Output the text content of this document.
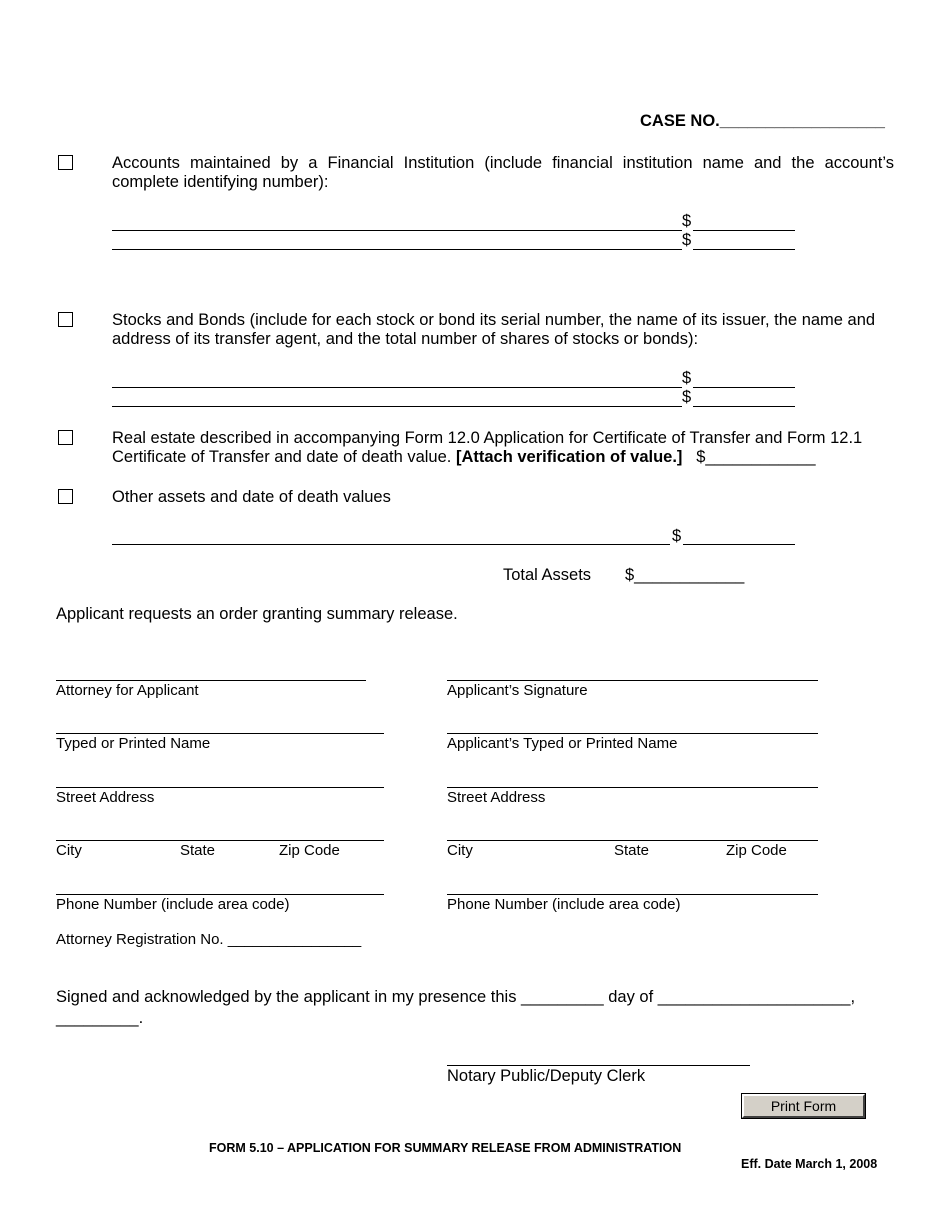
CASE NO.__________________
Accounts maintained by a Financial Institution (include financial institution name and the account’s complete identifying number):
$
$
Stocks and Bonds (include for each stock or bond its serial number, the name of its issuer, the name and address of its transfer agent, and the total number of shares of stocks or bonds):
$
$
Real estate described in accompanying Form 12.0 Application for Certificate of Transfer and Form 12.1 Certificate of Transfer and date of death value. [Attach verification of value.] $____________
Other assets and date of death values
$
Total Assets $____________
Applicant requests an order granting summary release.
Attorney for Applicant
Typed or Printed Name
Street Address
City	State	Zip Code
Phone Number (include area code)
Attorney Registration No. ________________
Applicant’s Signature
Applicant’s Typed or Printed Name
Street Address
City	State	Zip Code
Phone Number (include area code)
Signed and acknowledged by the applicant in my presence this _________ day of _____________________,
_________.
Notary Public/Deputy Clerk
Print Form
FORM 5.10 – APPLICATION FOR SUMMARY RELEASE FROM ADMINISTRATION
Eff. Date March 1, 2008
